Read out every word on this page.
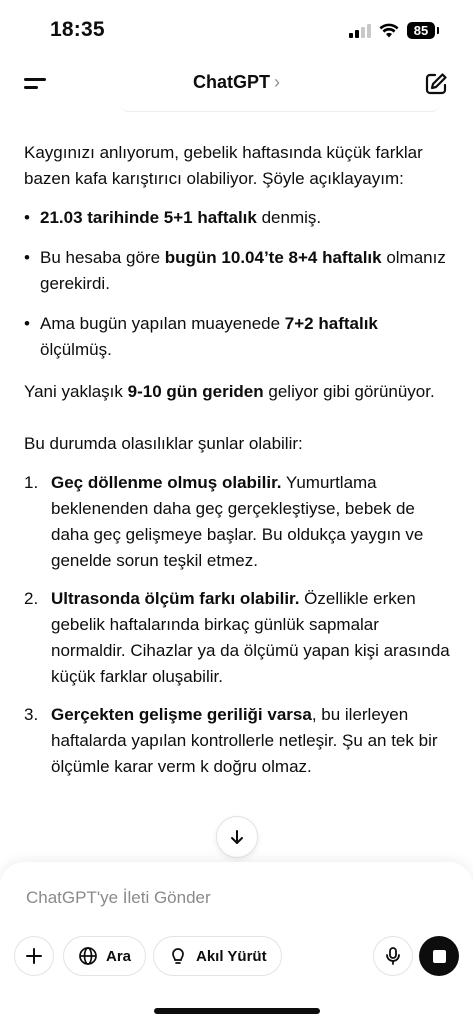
18:35	85
ChatGPT ›

Kaygınızı anlıyorum, gebelik haftasında küçük farklar bazen kafa karıştırıcı olabiliyor. Şöyle açıklayayım:

• 21.03 tarihinde 5+1 haftalık denmiş.
• Bu hesaba göre bugün 10.04’te 8+4 haftalık olmanız gerekirdi.
• Ama bugün yapılan muayenede 7+2 haftalık ölçülmüş.

Yani yaklaşık 9-10 gün geriden geliyor gibi görünüyor.

Bu durumda olasılıklar şunlar olabilir:

1. Geç döllenme olmuş olabilir. Yumurtlama beklenenden daha geç gerçekleştiyse, bebek de daha geç gelişmeye başlar. Bu oldukça yaygın ve genelde sorun teşkil etmez.
2. Ultrasonda ölçüm farkı olabilir. Özellikle erken gebelik haftalarında birkaç günlük sapmalar normaldir. Cihazlar ya da ölçümü yapan kişi arasında küçük farklar oluşabilir.
3. Gerçekten gelişme geriliği varsa, bu ilerleyen haftalarda yapılan kontrollerle netleşir. Şu an tek bir ölçümle karar verm k doğru olmaz.
ChatGPT'ye İleti Gönder
Ara	Akıl Yürüt
